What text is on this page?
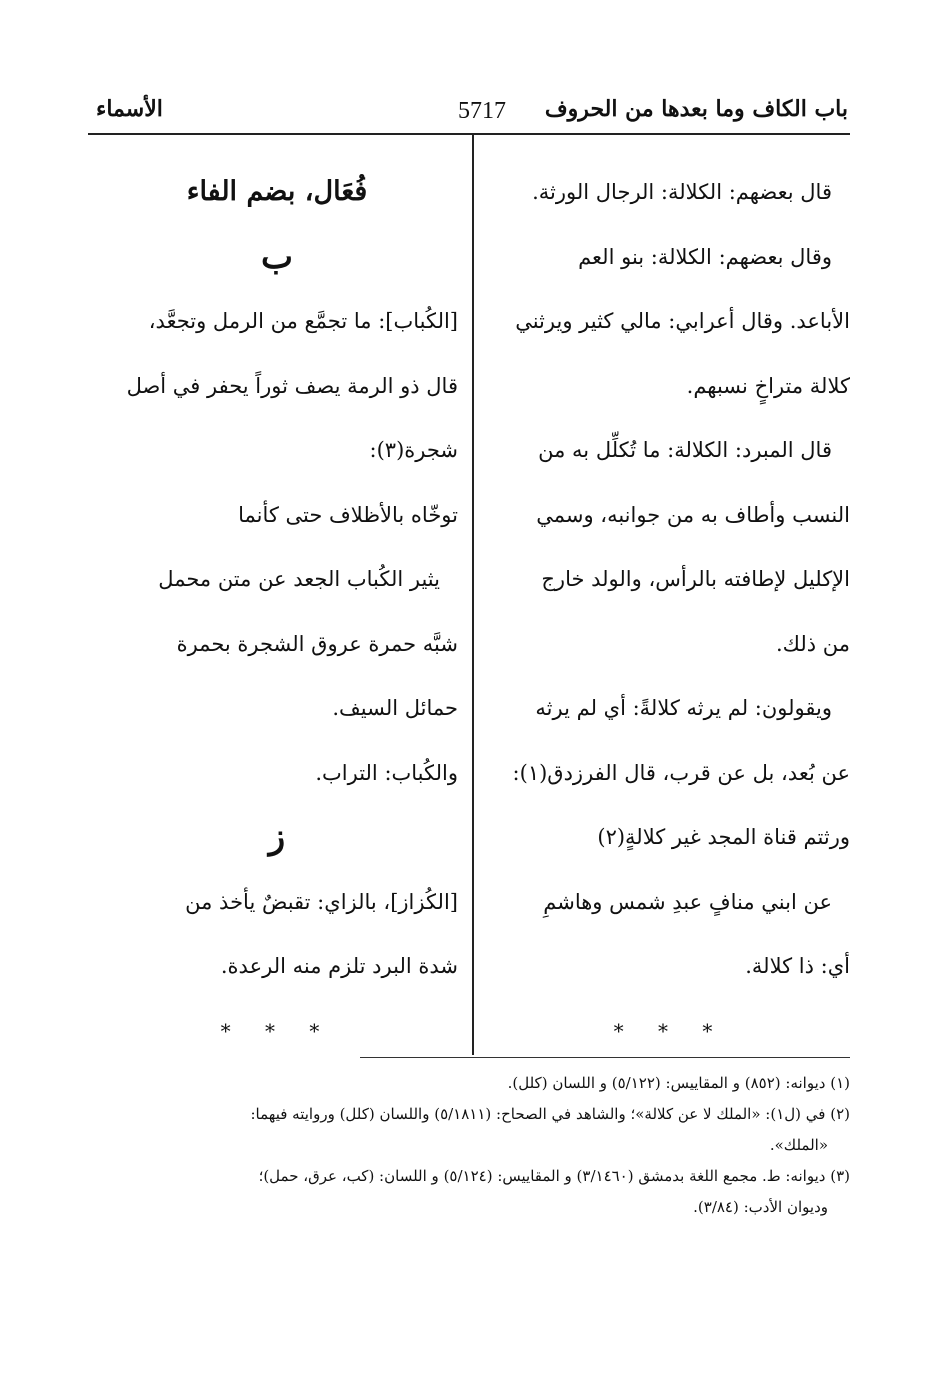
باب الكاف وما بعدها من الحروف
5717
الأسماء
قال بعضهم: الكلالة: الرجال الورثة.
وقال بعضهم: الكلالة: بنو العم
الأباعد. وقال أعرابي: مالي كثير ويرثني
كلالة متراخٍ نسبهم.
قال المبرد: الكلالة: ما تُكلِّل به من
النسب وأطاف به من جوانبه، وسمي
الإكليل لإطافته بالرأس، والولد خارج
من ذلك.
ويقولون: لم يرثه كلالةً: أي لم يرثه
عن بُعد، بل عن قرب، قال الفرزدق(١):
ورثتم قناة المجد غير كلالةٍ(٢)
عن ابني منافٍ عبدِ شمس وهاشمِ
أي: ذا كلالة.
* * *
فُعَال، بضم الفاء
ب
[الكُباب]: ما تجمَّع من الرمل وتجعَّد،
قال ذو الرمة يصف ثوراً يحفر في أصل
شجرة(٣):
توخّاه بالأظلاف حتى كأنما
يثير الكُباب الجعد عن متن محمل
شبَّه حمرة عروق الشجرة بحمرة
حمائل السيف.
والكُباب: التراب.
ز
[الكُزاز]، بالزاي: تقبضٌ يأخذ من
شدة البرد تلزم منه الرعدة.
* * *
(١) ديوانه: (٨٥٢) و المقاييس: (٥/١٢٢) و اللسان (كلل).
(٢) في (ل١): «الملك لا عن كلالة»؛ والشاهد في الصحاح: (٥/١٨١١) واللسان (كلل) وروايته فيهما:
«الملك».
(٣) ديوانه: ط. مجمع اللغة بدمشق (٣/١٤٦٠) و المقاييس: (٥/١٢٤) و اللسان: (كب، عرق، حمل)؛
وديوان الأدب: (٣/٨٤).
